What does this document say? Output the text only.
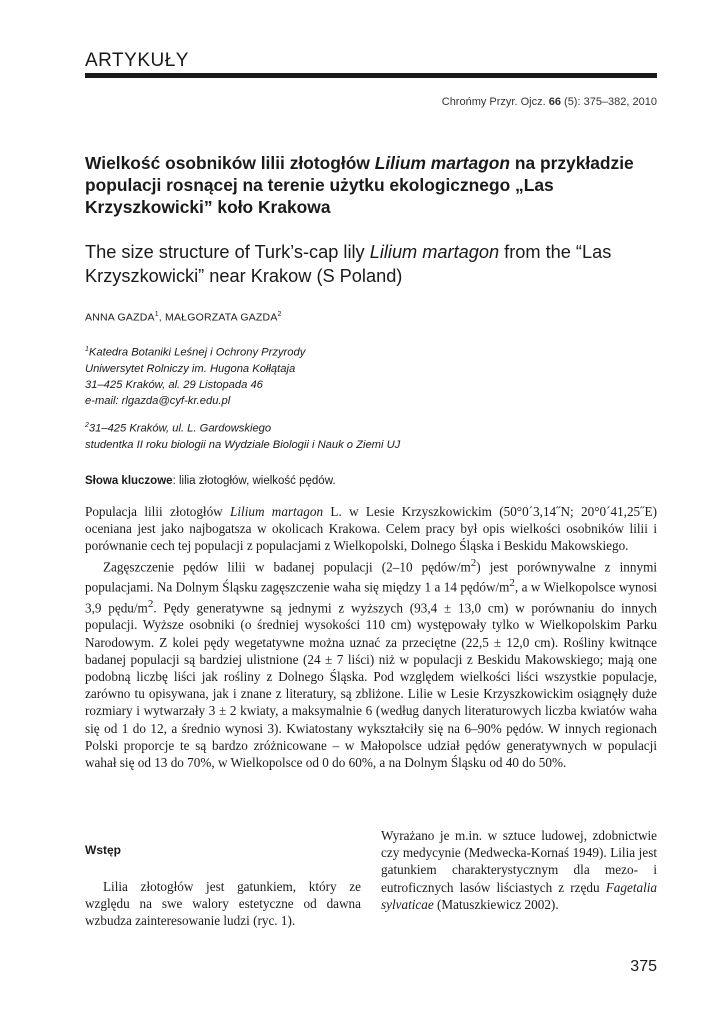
ARTYKUŁY
Chrońmy Przyr. Ojcz. 66 (5): 375–382, 2010
Wielkość osobników lilii złotogłów Lilium martagon na przykładzie populacji rosnącej na terenie użytku ekologicznego „Las Krzyszkowicki” koło Krakowa
The size structure of Turk’s-cap lily Lilium martagon from the “Las Krzyszkowicki” near Krakow (S Poland)
ANNA GAZDA$^1$, MAŁGORZATA GAZDA$^2$
$^1$Katedra Botaniki Leśnej i Ochrony Przyrody
Uniwersytet Rolniczy im. Hugona Kołłątaja
31–425 Kraków, al. 29 Listopada 46
e-mail: rlgazda@cyf-kr.edu.pl
$^2$31–425 Kraków, ul. L. Gardowskiego
studentka II roku biologii na Wydziale Biologii i Nauk o Ziemi UJ
Słowa kluczowe: lilia złotogłów, wielkość pędów.

Populacja lilii złotogłów Lilium martagon L. w Lesie Krzyszkowickim (50°0´3,14˝N; 20°0´41,25˝E) oceniana jest jako najbogatsza w okolicach Krakowa. Celem pracy był opis wielkości osobników lilii i porównanie cech tej populacji z populacjami z Wielkopolski, Dolnego Śląska i Beskidu Makowskiego.

Zagęszczenie pędów lilii w badanej populacji (2–10 pędów/$m^2$) jest porównywalne z innymi populacjami. Na Dolnym Śląsku zagęszczenie waha się między 1 a 14 pędów/$m^2$, a w Wielkopolsce wynosi 3,9 pędu/$m^2$. Pędy generatywne są jednymi z wyższych (93,4 ± 13,0 cm) w porównaniu do innych populacji. Wyższe osobniki (o średniej wysokości 110 cm) występowały tylko w Wielkopolskim Parku Narodowym. Z kolei pędy wegetatywne można uznać za przeciętne (22,5 ± 12,0 cm). Rośliny kwitnące badanej populacji są bardziej ulistnione (24 ± 7 liści) niż w populacji z Beskidu Makowskiego; mają one podobną liczbę liści jak rośliny z Dolnego Śląska. Pod względem wielkości liści wszystkie populacje, zarówno tu opisywana, jak i znane z literatury, są zbliżone. Lilie w Lesie Krzyszkowickim osiągnęły duże rozmiary i wytwarzały 3 ± 2 kwiaty, a maksymalnie 6 (według danych literaturowych liczba kwiatów waha się od 1 do 12, a średnio wynosi 3). Kwiatostany wykształciły się na 6–90% pędów. W innych regionach Polski proporcje te są bardzo zróżnicowane – w Małopolsce udział pędów generatywnych w populacji wahał się od 13 do 70%, w Wielkopolsce od 0 do 60%, a na Dolnym Śląsku od 40 do 50%.

Wstęp

Lilia złotogłów jest gatunkiem, który ze względu na swe walory estetyczne od dawna wzbudza zainteresowanie ludzi (ryc. 1).

Wyrażano je m.in. w sztuce ludowej, zdobnictwie czy medycynie (Medwecka-Kornaś 1949). Lilia jest gatunkiem charakterystycznym dla mezo- i eutroficznych lasów liściastych z rzędu Fagetalia sylvaticae (Matuszkiewicz 2002).

375
